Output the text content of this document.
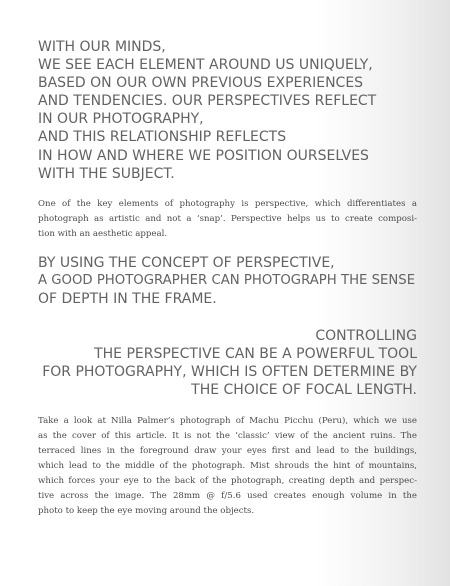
WITH OUR MINDS,
WE SEE EACH ELEMENT AROUND US UNIQUELY,
BASED ON OUR OWN PREVIOUS EXPERIENCES
AND TENDENCIES. OUR PERSPECTIVES REFLECT
IN OUR PHOTOGRAPHY,
AND THIS RELATIONSHIP REFLECTS
IN HOW AND WHERE WE POSITION OURSELVES
WITH THE SUBJECT.
One of the key elements of photography is perspective, which differentiates a
photograph as artistic and not a ‘snap’. Perspective helps us to create composi-
tion with an aesthetic appeal.
BY USING THE CONCEPT OF PERSPECTIVE,
A GOOD PHOTOGRAPHER CAN PHOTOGRAPH THE SENSE
OF DEPTH IN THE FRAME.
CONTROLLING
THE PERSPECTIVE CAN BE A POWERFUL TOOL
FOR PHOTOGRAPHY, WHICH IS OFTEN DETERMINE BY
THE CHOICE OF FOCAL LENGTH.
Take a look at Nilla Palmer’s photograph of Machu Picchu (Peru), which we use
as the cover of this article. It is not the ‘classic’ view of the ancient ruins. The
terraced lines in the foreground draw your eyes first and lead to the buildings,
which lead to the middle of the photograph. Mist shrouds the hint of mountains,
which forces your eye to the back of the photograph, creating depth and perspec-
tive across the image. The 28mm @ f/5.6 used creates enough volume in the
photo to keep the eye moving around the objects.
